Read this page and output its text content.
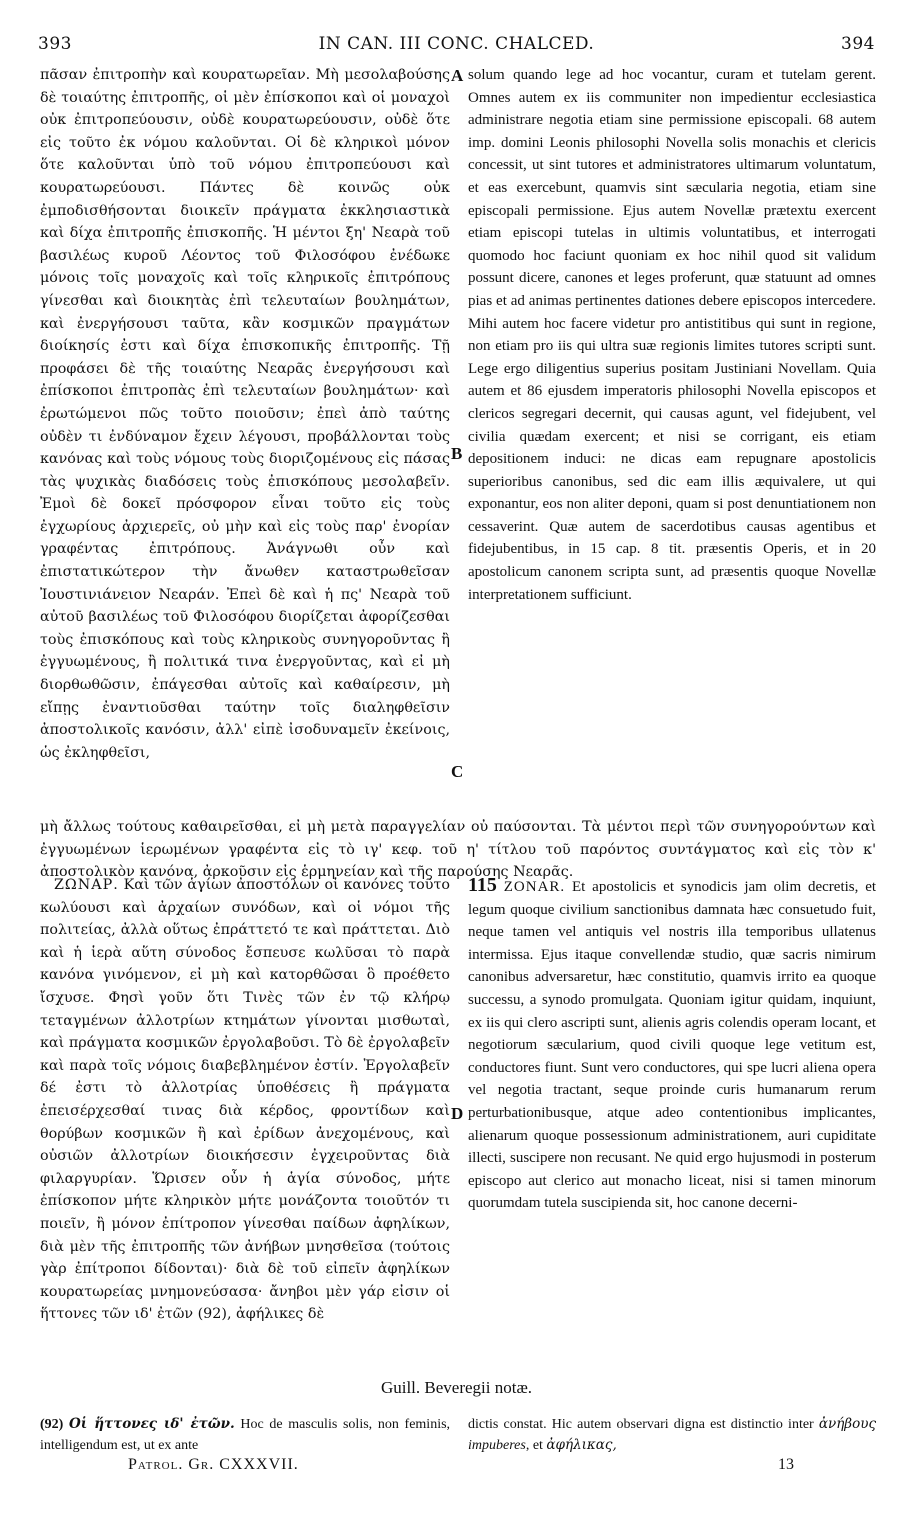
393	IN CAN. III CONC. CHALCED.	394

πᾶσαν ἐπιτροπὴν καὶ κουρατωρεῖαν. Μὴ μεσολαβούσης δὲ τοιαύτης ἐπιτροπῆς, οἱ μὲν ἐπίσκοποι καὶ οἱ μοναχοὶ οὐκ ἐπιτροπεύουσιν, οὐδὲ κουρατωρεύουσιν, οὐδὲ ὅτε εἰς τοῦτο ἐκ νόμου καλοῦνται. Οἱ δὲ κληρικοὶ μόνον ὅτε καλοῦνται ὑπὸ τοῦ νόμου ἐπιτροπεύουσι καὶ κουρατωρεύουσι. Πάντες δὲ κοινῶς οὐκ ἐμποδισθήσονται διοικεῖν πράγματα ἐκκλησιαστικὰ καὶ δίχα ἐπιτροπῆς ἐπισκοπῆς. Ἡ μέντοι ξη' Νεαρὰ τοῦ βασιλέως κυροῦ Λέοντος τοῦ Φιλοσόφου ἐνέδωκε μόνοις τοῖς μοναχοῖς καὶ τοῖς κληρικοῖς ἐπιτρόπους γίνεσθαι καὶ διοικητὰς ἐπὶ τελευταίων βουλημάτων, καὶ ἐνεργήσουσι ταῦτα, κἂν κοσμικῶν πραγμάτων διοίκησίς ἐστι καὶ δίχα ἐπισκοπικῆς ἐπιτροπῆς. Τῇ προφάσει δὲ τῆς τοιαύτης Νεαρᾶς ἐνεργήσουσι καὶ ἐπίσκοποι ἐπιτροπὰς ἐπὶ τελευταίων βουλημάτων· καὶ ἐρωτώμενοι πῶς τοῦτο ποιοῦσιν; ἐπεὶ ἀπὸ ταύτης οὐδὲν τι ἐνδύναμον ἔχειν λέγουσι, προβάλλονται τοὺς κανόνας καὶ τοὺς νόμους τοὺς διοριζομένους εἰς πάσας τὰς ψυχικὰς διαδόσεις τοὺς ἐπισκόπους μεσολαβεῖν. Ἐμοὶ δὲ δοκεῖ πρόσφορον εἶναι τοῦτο εἰς τοὺς ἐγχωρίους ἀρχιερεῖς, οὐ μὴν καὶ εἰς τοὺς παρ' ἐνορίαν γραφέντας ἐπιτρόπους. Ἀνάγνωθι οὖν καὶ ἐπιστατικώτερον τὴν ἄνωθεν καταστρωθεῖσαν Ἰουστινιάνειον Νεαράν. Ἐπεὶ δὲ καὶ ἡ πς' Νεαρὰ τοῦ αὐτοῦ βασιλέως τοῦ Φιλοσόφου διορίζεται ἀφορίζεσθαι τοὺς ἐπισκόπους καὶ τοὺς κληρικοὺς συνηγοροῦντας ἢ ἐγγυωμένους, ἢ πολιτικά τινα ἐνεργοῦντας, καὶ εἰ μὴ διορθωθῶσιν, ἐπάγεσθαι αὐτοῖς καὶ καθαίρεσιν, μὴ εἴπῃς ἐναντιοῦσθαι ταύτην τοῖς διαληφθεῖσιν ἀποστολικοῖς κανόσιν, ἀλλ' εἰπὲ ἰσοδυναμεῖν ἐκείνοις, ὡς ἐκληφθεῖσι,

A
B
C
D

solum quando lege ad hoc vocantur, curam et tutelam gerent. Omnes autem ex iis communiter non impedientur ecclesiastica administrare negotia etiam sine permissione episcopali. 68 autem imp. domini Leonis philosophi Novella solis monachis et clericis concessit, ut sint tutores et administratores ultimarum voluntatum, et eas exercebunt, quamvis sint sæcularia negotia, etiam sine episcopali permissione. Ejus autem Novellæ prætextu exercent etiam episcopi tutelas in ultimis voluntatibus, et interrogati quomodo hoc faciunt quoniam ex hoc nihil quod sit validum possunt dicere, canones et leges proferunt, quæ statuunt ad omnes pias et ad animas pertinentes dationes debere episcopos intercedere. Mihi autem hoc facere videtur pro antistitibus qui sunt in regione, non etiam pro iis qui ultra suæ regionis limites tutores scripti sunt. Lege ergo diligentius superius positam Justiniani Novellam. Quia autem et 86 ejusdem imperatoris philosophi Novella episcopos et clericos segregari decernit, qui causas agunt, vel fidejubent, vel civilia quædam exercent; et nisi se corrigant, eis etiam depositionem induci: ne dicas eam repugnare apostolicis superioribus canonibus, sed dic eam illis æquivalere, ut qui exponantur, eos non aliter deponi, quam si post denuntiationem non cessaverint. Quæ autem de sacerdotibus causas agentibus et fidejubentibus, in 15 cap. 8 tit. præsentis Operis, et in 20 apostolicum canonem scripta sunt, ad præsentis quoque Novellæ interpretationem sufficiunt.

μὴ ἄλλως τούτους καθαιρεῖσθαι, εἰ μὴ μετὰ παραγγελίαν οὐ παύσονται. Τὰ μέντοι περὶ τῶν συνηγορούντων καὶ ἐγγυωμένων ἱερωμένων γραφέντα εἰς τὸ ιγ' κεφ. τοῦ η' τίτλου τοῦ παρόντος συντάγματος καὶ εἰς τὸν κ' ἀποστολικὸν κανόνα, ἀρκοῦσιν εἰς ἑρμηνείαν καὶ τῆς παρούσης Νεαρᾶς.

ΖΩΝΑΡ. Καὶ τῶν ἁγίων ἀποστόλων οἱ κανόνες τοῦτο κωλύουσι καὶ ἀρχαίων συνόδων, καὶ οἱ νόμοι τῆς πολιτείας, ἀλλὰ οὕτως ἐπράττετό τε καὶ πράττεται. Διὸ καὶ ἡ ἱερὰ αὕτη σύνοδος ἔσπευσε κωλῦσαι τὸ παρὰ κανόνα γινόμενον, εἰ μὴ καὶ κατορθῶσαι ὃ προέθετο ἴσχυσε. Φησὶ γοῦν ὅτι Τινὲς τῶν ἐν τῷ κλήρῳ τεταγμένων ἀλλοτρίων κτημάτων γίνονται μισθωταὶ, καὶ πράγματα κοσμικῶν ἐργολαβοῦσι. Τὸ δὲ ἐργολαβεῖν καὶ παρὰ τοῖς νόμοις διαβεβλημένον ἐστίν. Ἐργολαβεῖν δέ ἐστι τὸ ἀλλοτρίας ὑποθέσεις ἢ πράγματα ἐπεισέρχεσθαί τινας διὰ κέρδος, φροντίδων καὶ θορύβων κοσμικῶν ἢ καὶ ἐρίδων ἀνεχομένους, καὶ οὐσιῶν ἀλλοτρίων διοικήσεσιν ἐγχειροῦντας διὰ φιλαργυρίαν. Ὥρισεν οὖν ἡ ἁγία σύνοδος, μήτε ἐπίσκοπον μήτε κληρικὸν μήτε μονάζοντα τοιοῦτόν τι ποιεῖν, ἢ μόνον ἐπίτροπον γίνεσθαι παίδων ἀφηλίκων, διὰ μὲν τῆς ἐπιτροπῆς τῶν ἀνήβων μνησθεῖσα (τούτοις γὰρ ἐπίτροποι δίδονται)· διὰ δὲ τοῦ εἰπεῖν ἀφηλίκων κουρατωρείας μνημονεύσασα· ἄνηβοι μὲν γάρ εἰσιν οἱ ἥττονες τῶν ιδ' ἐτῶν (92), ἀφήλικες δὲ

115 ZONAR. Et apostolicis et synodicis jam olim decretis, et legum quoque civilium sanctionibus damnata hæc consuetudo fuit, neque tamen vel antiquis vel nostris illa temporibus ullatenus intermissa. Ejus itaque convellendæ studio, quæ sacris nimirum canonibus adversaretur, hæc constitutio, quamvis irrito ea quoque successu, a synodo promulgata. Quoniam igitur quidam, inquiunt, ex iis qui clero ascripti sunt, alienis agris colendis operam locant, et negotiorum sæcularium, quod civili quoque lege vetitum est, conductores fiunt. Sunt vero conductores, qui spe lucri aliena opera vel negotia tractant, seque proinde curis humanarum rerum perturbationibusque, atque adeo contentionibus implicantes, alienarum quoque possessionum administrationem, auri cupiditate illecti, suscipere non recusant. Ne quid ergo hujusmodi in posterum episcopo aut clerico aut monacho liceat, nisi si tamen minorum quorumdam tutela suscipienda sit, hoc canone decerni-

Guill. Beveregii notæ.
(92) Οἱ ἥττονες ιδ' ἐτῶν. Hoc de masculis solis, non feminis, intelligendum est, ut ex ante
dictis constat. Hic autem observari digna est distinctio inter ἀνήβους impuberes, et ἀφήλικας,
Patrol. Gr. CXXXVII.	13
